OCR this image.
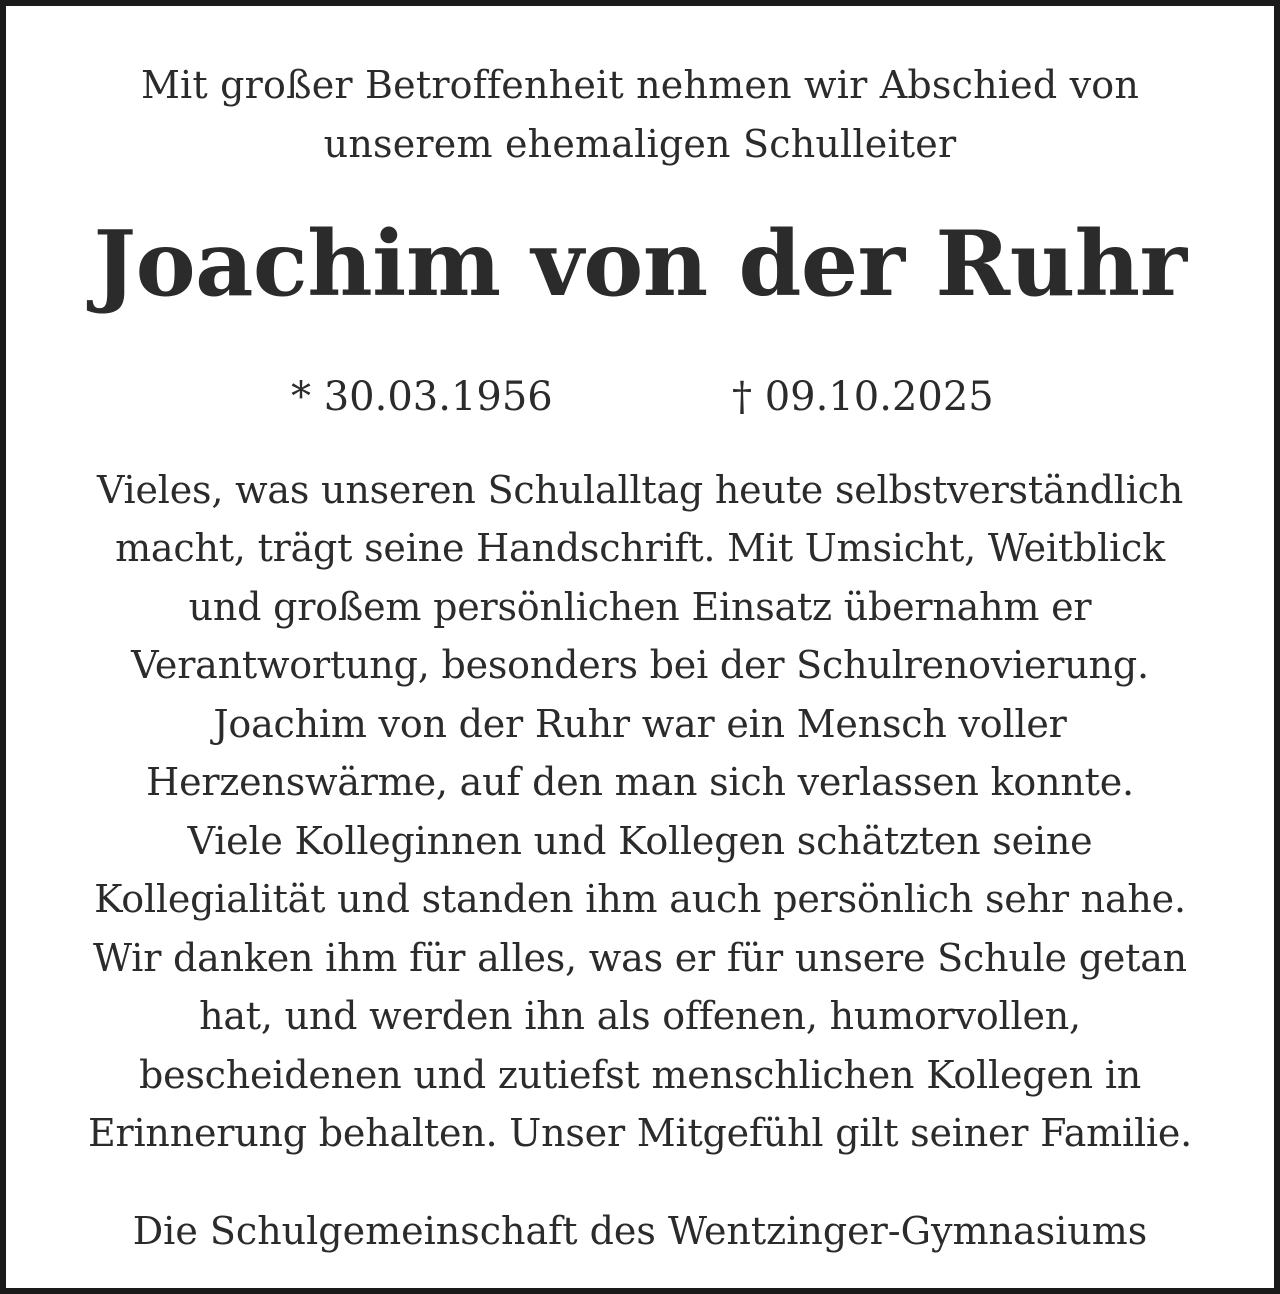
Mit großer Betroffenheit nehmen wir Abschied von
unserem ehemaligen Schulleiter
Joachim von der Ruhr
* 30.03.1956	† 09.10.2025
Vieles, was unseren Schulalltag heute selbstverständlich
macht, trägt seine Handschrift. Mit Umsicht, Weitblick
und großem persönlichen Einsatz übernahm er
Verantwortung, besonders bei der Schulrenovierung.
Joachim von der Ruhr war ein Mensch voller
Herzenswärme, auf den man sich verlassen konnte.
Viele Kolleginnen und Kollegen schätzten seine
Kollegialität und standen ihm auch persönlich sehr nahe.
Wir danken ihm für alles, was er für unsere Schule getan
hat, und werden ihn als offenen, humorvollen,
bescheidenen und zutiefst menschlichen Kollegen in
Erinnerung behalten. Unser Mitgefühl gilt seiner Familie.
Die Schulgemeinschaft des Wentzinger-Gymnasiums
